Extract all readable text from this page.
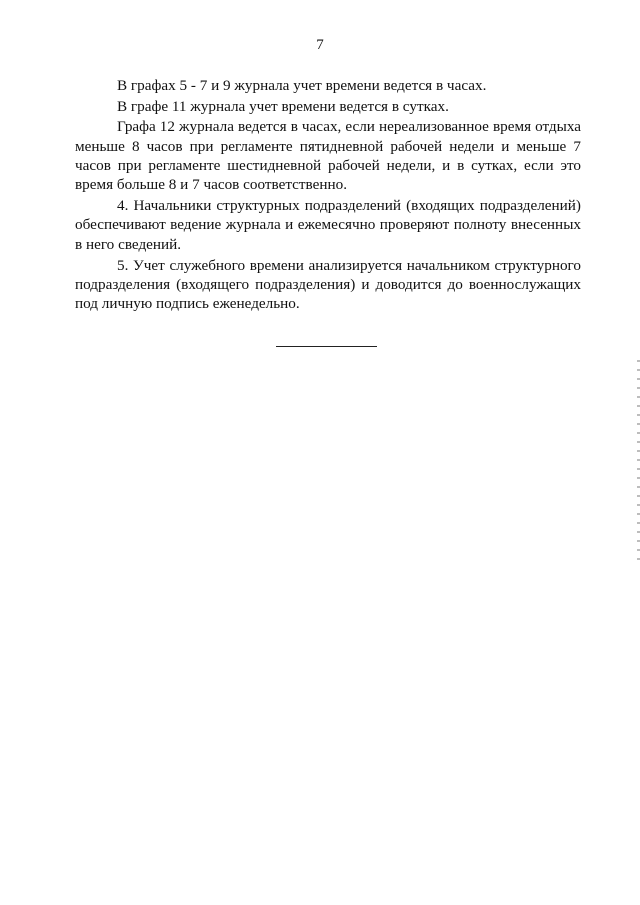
7

В графах 5 - 7 и 9 журнала учет времени ведется в часах.

В графе 11 журнала учет времени ведется в сутках.

Графа 12 журнала ведется в часах, если нереализованное время отдыха меньше 8 часов при регламенте пятидневной рабочей недели и меньше 7 часов при регламенте шестидневной рабочей недели, и в сутках, если это время больше 8 и 7 часов соответственно.

4. Начальники структурных подразделений (входящих подразделений) обеспечивают ведение журнала и ежемесячно проверяют полноту внесенных в него сведений.

5. Учет служебного времени анализируется начальником структурного подразделения (входящего подразделения) и доводится до военнослужащих под личную подпись еженедельно.
